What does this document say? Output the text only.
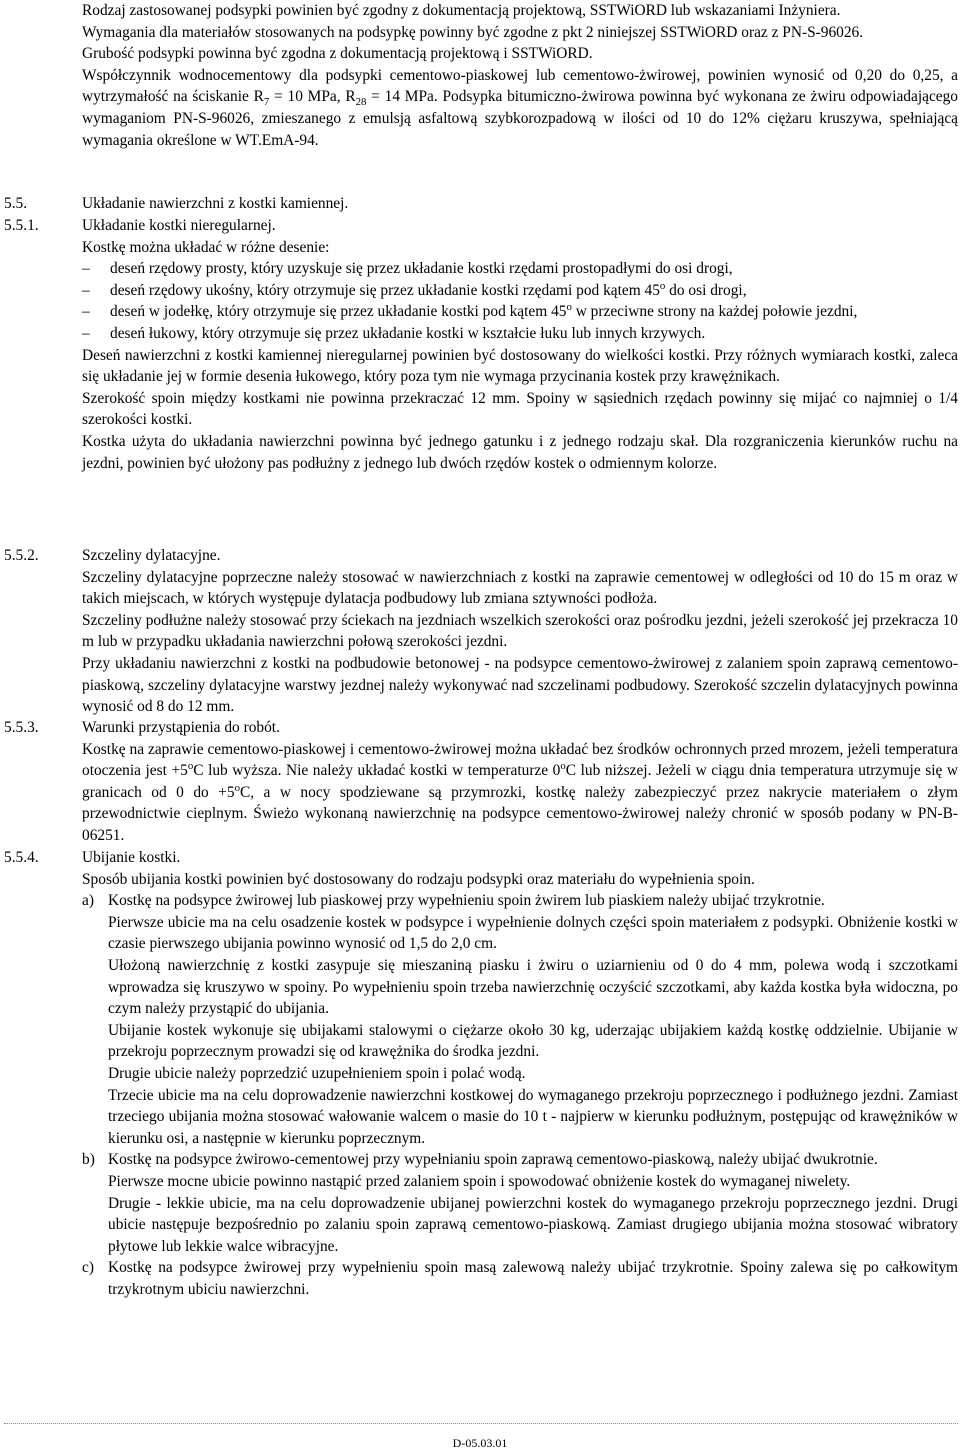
Rodzaj zastosowanej podsypki powinien być zgodny z dokumentacją projektową, SSTWiORD lub wskazaniami Inżyniera.

Wymagania dla materiałów stosowanych na podsypkę powinny być zgodne z pkt 2 niniejszej SSTWiORD oraz z PN-S-96026.

Grubość podsypki powinna być zgodna z dokumentacją projektową i SSTWiORD.

Współczynnik wodnocementowy dla podsypki cementowo-piaskowej lub cementowo-żwirowej, powinien wynosić od 0,20 do 0,25, a wytrzymałość na ściskanie $R_7 = 10$ MPa, $R_{28} = 14$ MPa. Podsypka bitumiczno-żwirowa powinna być wykonana ze żwiru odpowiadającego wymaganiom PN-S-96026, zmieszanego z emulsją asfaltową szybkorozpadową w ilości od 10 do 12% ciężaru kruszywa, spełniającą wymagania określone w WT.EmA-94.

5.5.	Układanie nawierzchni z kostki kamiennej.
5.5.1.	Układanie kostki nieregularnej.

Kostkę można układać w różne desenie:

– deseń rzędowy prosty, który uzyskuje się przez układanie kostki rzędami prostopadłymi do osi drogi,
– deseń rzędowy ukośny, który otrzymuje się przez układanie kostki rzędami pod kątem 45$^o$ do osi drogi,
– deseń w jodełkę, który otrzymuje się przez układanie kostki pod kątem 45$^o$ w przeciwne strony na każdej połowie jezdni,
– deseń łukowy, który otrzymuje się przez układanie kostki w kształcie łuku lub innych krzywych.

Deseń nawierzchni z kostki kamiennej nieregularnej powinien być dostosowany do wielkości kostki. Przy różnych wymiarach kostki, zaleca się układanie jej w formie desenia łukowego, który poza tym nie wymaga przycinania kostek przy krawężnikach.

Szerokość spoin między kostkami nie powinna przekraczać 12 mm. Spoiny w sąsiednich rzędach powinny się mijać co najmniej o 1/4 szerokości kostki.

Kostka użyta do układania nawierzchni powinna być jednego gatunku i z jednego rodzaju skał. Dla rozgraniczenia kierunków ruchu na jezdni, powinien być ułożony pas podłużny z jednego lub dwóch rzędów kostek o odmiennym kolorze.

5.5.2.	Szczeliny dylatacyjne.

Szczeliny dylatacyjne poprzeczne należy stosować w nawierzchniach z kostki na zaprawie cementowej w odległości od 10 do 15 m oraz w takich miejscach, w których występuje dylatacja podbudowy lub zmiana sztywności podłoża.

Szczeliny podłużne należy stosować przy ściekach na jezdniach wszelkich szerokości oraz pośrodku jezdni, jeżeli szerokość jej przekracza 10 m lub w przypadku układania nawierzchni połową szerokości jezdni.

Przy układaniu nawierzchni z kostki na podbudowie betonowej - na podsypce cementowo-żwirowej z zalaniem spoin zaprawą cementowo-piaskową, szczeliny dylatacyjne warstwy jezdnej należy wykonywać nad szczelinami podbudowy. Szerokość szczelin dylatacyjnych powinna wynosić od 8 do 12 mm.

5.5.3.	Warunki przystąpienia do robót.

Kostkę na zaprawie cementowo-piaskowej i cementowo-żwirowej można układać bez środków ochronnych przed mrozem, jeżeli temperatura otoczenia jest $+5^oC$ lub wyższa. Nie należy układać kostki w temperaturze 0$^o$C lub niższej. Jeżeli w ciągu dnia temperatura utrzymuje się w granicach od 0 do $+5^oC$, a w nocy spodziewane są przymrozki, kostkę należy zabezpieczyć przez nakrycie materiałem o złym przewodnictwie cieplnym. Świeżo wykonaną nawierzchnię na podsypce cementowo-żwirowej należy chronić w sposób podany w PN-B-06251.

5.5.4.	Ubijanie kostki.

Sposób ubijania kostki powinien być dostosowany do rodzaju podsypki oraz materiału do wypełnienia spoin.

a) Kostkę na podsypce żwirowej lub piaskowej przy wypełnieniu spoin żwirem lub piaskiem należy ubijać trzykrotnie.

Pierwsze ubicie ma na celu osadzenie kostek w podsypce i wypełnienie dolnych części spoin materiałem z podsypki. Obniżenie kostki w czasie pierwszego ubijania powinno wynosić od 1,5 do 2,0 cm.

Ułożoną nawierzchnię z kostki zasypuje się mieszaniną piasku i żwiru o uziarnieniu od 0 do 4 mm, polewa wodą i szczotkami wprowadza się kruszywo w spoiny. Po wypełnieniu spoin trzeba nawierzchnię oczyścić szczotkami, aby każda kostka była widoczna, po czym należy przystąpić do ubijania.

Ubijanie kostek wykonuje się ubijakami stalowymi o ciężarze około 30 kg, uderzając ubijakiem każdą kostkę oddzielnie. Ubijanie w przekroju poprzecznym prowadzi się od krawężnika do środka jezdni.

Drugie ubicie należy poprzedzić uzupełnieniem spoin i polać wodą.

Trzecie ubicie ma na celu doprowadzenie nawierzchni kostkowej do wymaganego przekroju poprzecznego i podłużnego jezdni. Zamiast trzeciego ubijania można stosować wałowanie walcem o masie do 10 t - najpierw w kierunku podłużnym, postępując od krawężników w kierunku osi, a następnie w kierunku poprzecznym.

b) Kostkę na podsypce żwirowo-cementowej przy wypełnianiu spoin zaprawą cementowo-piaskową, należy ubijać dwukrotnie.

Pierwsze mocne ubicie powinno nastąpić przed zalaniem spoin i spowodować obniżenie kostek do wymaganej niwelety.

Drugie - lekkie ubicie, ma na celu doprowadzenie ubijanej powierzchni kostek do wymaganego przekroju poprzecznego jezdni. Drugi ubicie następuje bezpośrednio po zalaniu spoin zaprawą cementowo-piaskową. Zamiast drugiego ubijania można stosować wibratory płytowe lub lekkie walce wibracyjne.

c) Kostkę na podsypce żwirowej przy wypełnieniu spoin masą zalewową należy ubijać trzykrotnie. Spoiny zalewa się po całkowitym trzykrotnym ubiciu nawierzchni.

D-05.03.01
